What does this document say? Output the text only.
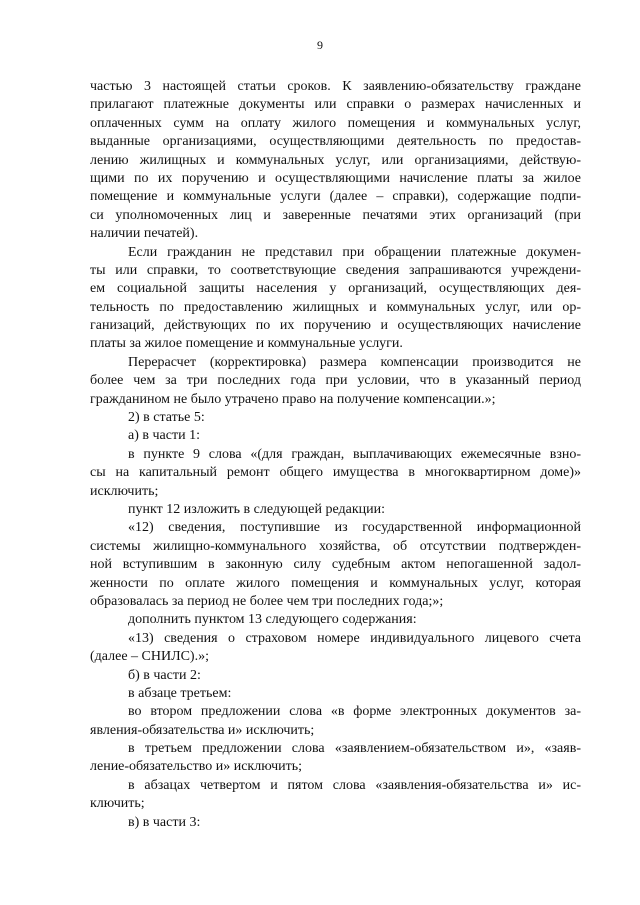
9
частью 3 настоящей статьи сроков. К заявлению-обязательству граждане
прилагают платежные документы или справки о размерах начисленных и
оплаченных сумм на оплату жилого помещения и коммунальных услуг,
выданные организациями, осуществляющими деятельность по предостав-
лению жилищных и коммунальных услуг, или организациями, действую-
щими по их поручению и осуществляющими начисление платы за жилое
помещение и коммунальные услуги (далее – справки), содержащие подпи-
си уполномоченных лиц и заверенные печатями этих организаций (при
наличии печатей).
Если гражданин не представил при обращении платежные докумен-
ты или справки, то соответствующие сведения запрашиваются учреждени-
ем социальной защиты населения у организаций, осуществляющих дея-
тельность по предоставлению жилищных и коммунальных услуг, или ор-
ганизаций, действующих по их поручению и осуществляющих начисление
платы за жилое помещение и коммунальные услуги.
Перерасчет (корректировка) размера компенсации производится не
более чем за три последних года при условии, что в указанный период
гражданином не было утрачено право на получение компенсации.»;
2) в статье 5:
а) в части 1:
в пункте 9 слова «(для граждан, выплачивающих ежемесячные взно-
сы на капитальный ремонт общего имущества в многоквартирном доме)»
исключить;
пункт 12 изложить в следующей редакции:
«12) сведения, поступившие из государственной информационной
системы жилищно-коммунального хозяйства, об отсутствии подтвержден-
ной вступившим в законную силу судебным актом непогашенной задол-
женности по оплате жилого помещения и коммунальных услуг, которая
образовалась за период не более чем три последних года;»;
дополнить пунктом 13 следующего содержания:
«13) сведения о страховом номере индивидуального лицевого счета
(далее – СНИЛС).»;
б) в части 2:
в абзаце третьем:
во втором предложении слова «в форме электронных документов за-
явления-обязательства и» исключить;
в третьем предложении слова «заявлением-обязательством и», «заяв-
ление-обязательство и» исключить;
в абзацах четвертом и пятом слова «заявления-обязательства и» ис-
ключить;
в) в части 3:
